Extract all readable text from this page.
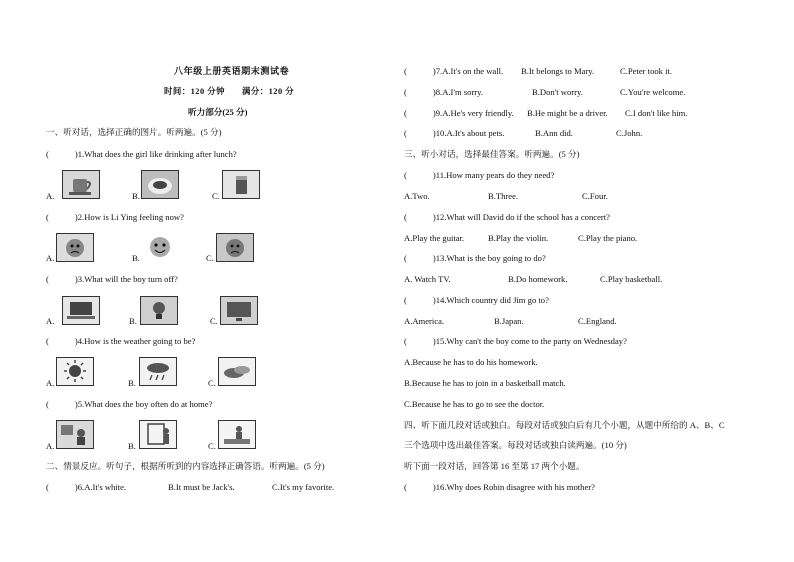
八年级上册英语期末测试卷
时间：120 分钟 满分：120 分
听力部分(25 分)
一、听对话，选择正确的图片。听两遍。(5 分)
(	)1.What does the girl like drinking after lunch?
A.	B.	C.
(	)2.How is Li Ying feeling now?
A.	B.	C.
(	)3.What will the boy turn off?
A.	B.	C.
(	)4.How is the weather going to be?
A.	B.	C.
(	)5.What does the boy often do at home?
A.	B.	C.
二、情景反应。听句子，根据所听到的内容选择正确答语。听两遍。(5 分)
(	)6.A.It's white.	B.It must be Jack's.	C.It's my favorite.
(	)7.A.It's on the wall. B.It belongs to Mary.	C.Peter took it.
(	)8.A.I'm sorry.	B.Don't worry.	C.You're welcome.
(	)9.A.He's very friendly. B.He might be a driver. C.I don't like him.
(	)10.A.It's about pets.	B.Ann did.	C.John.
三、听小对话，选择最佳答案。听两遍。(5 分)
(	)11.How many pears do they need?
A.Two.	B.Three.	C.Four.
(	)12.What will David do if the school has a concert?
A.Play the guitar.	B.Play the violin.	C.Play the piano.
(	)13.What is the boy going to do?
A. Watch TV.	B.Do homework.	C.Play basketball.
(	)14.Which country did Jim go to?
A.America.	B.Japan.	C.England.
(	)15.Why can't the boy come to the party on Wednesday?
A.Because he has to do his homework.
B.Because he has to join in a basketball match.
C.Because he has to go to see the doctor.
四、听下面几段对话或独白。每段对话或独白后有几个小题，从题中所给的 A、B、C
三个选项中选出最佳答案。每段对话或独白读两遍。(10 分)
听下面一段对话，回答第 16 至第 17 两个小题。
(	)16.Why does Robin disagree with his mother?
